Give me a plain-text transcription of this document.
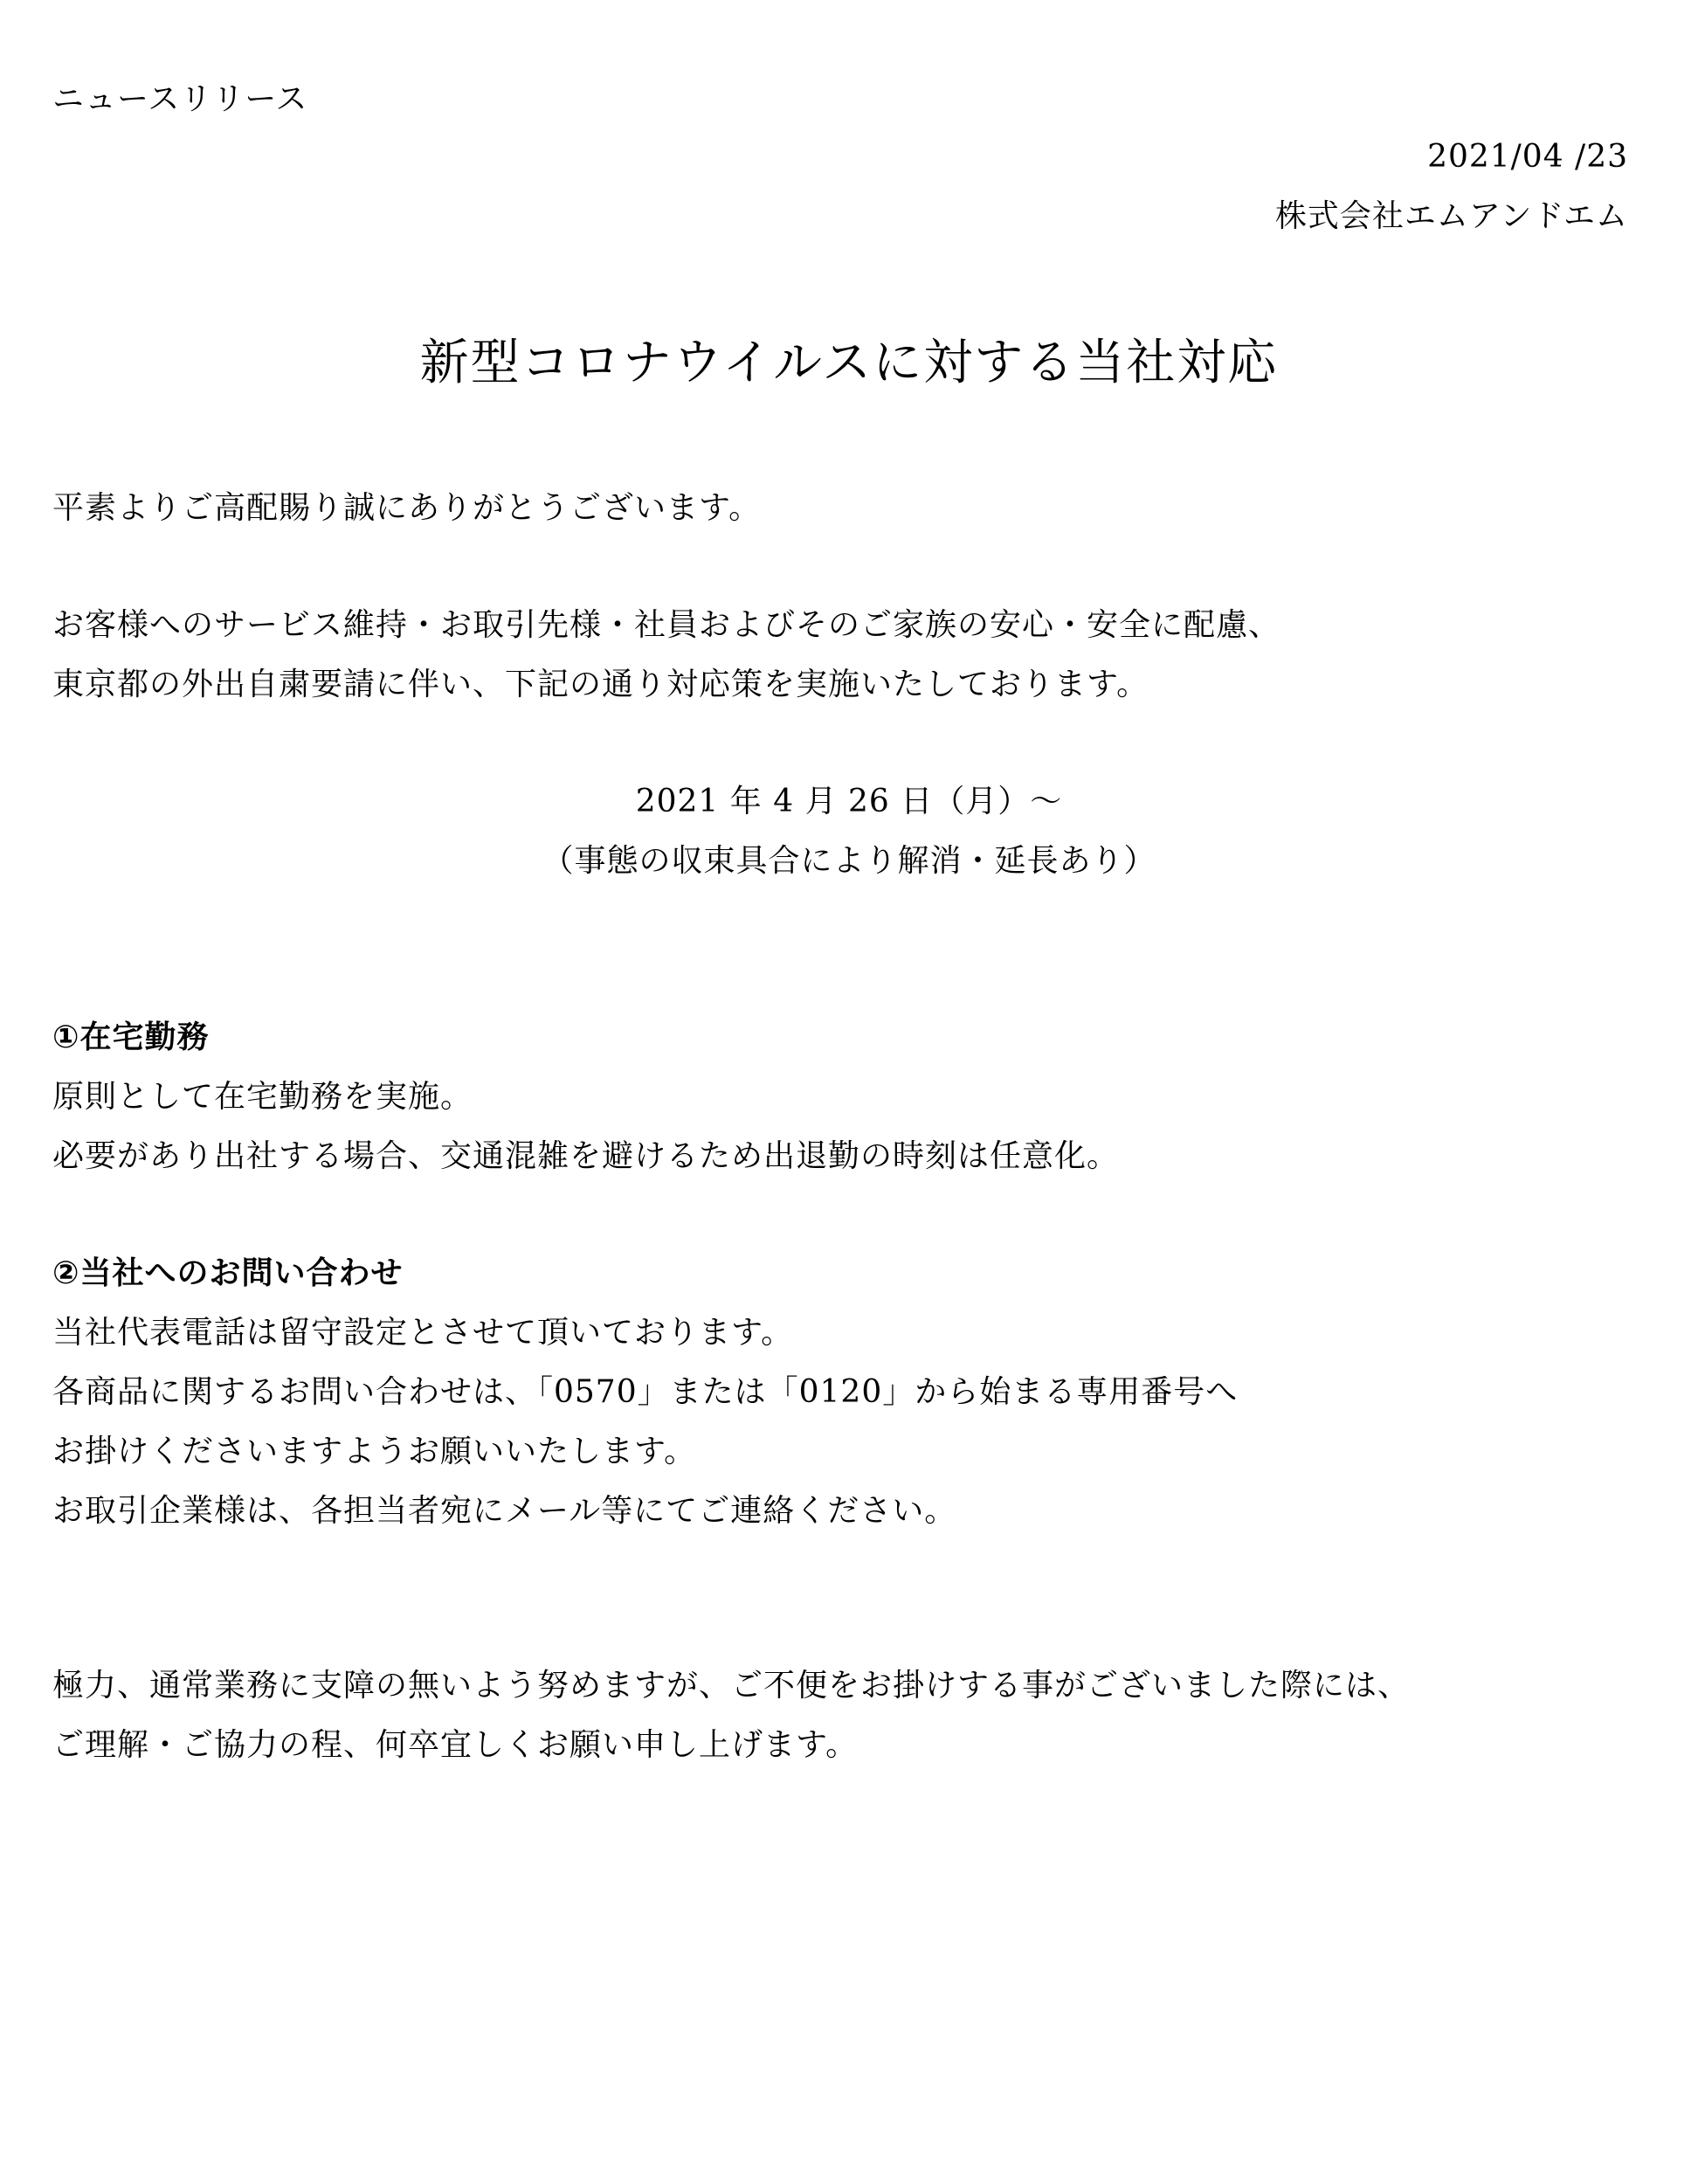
ニュースリリース
2021/04 /23
株式会社エムアンドエム
新型コロナウイルスに対する当社対応
平素よりご高配賜り誠にありがとうございます。
お客様へのサービス維持・お取引先様・社員およびそのご家族の安心・安全に配慮、
東京都の外出自粛要請に伴い、下記の通り対応策を実施いたしております。
2021 年 4 月 26 日（月）～
（事態の収束具合により解消・延長あり）
①在宅勤務
原則として在宅勤務を実施。
必要があり出社する場合、交通混雑を避けるため出退勤の時刻は任意化。
②当社へのお問い合わせ
当社代表電話は留守設定とさせて頂いております。
各商品に関するお問い合わせは、「0570」または「0120」から始まる専用番号へ
お掛けくださいますようお願いいたします。
お取引企業様は、各担当者宛にメール等にてご連絡ください。
極力、通常業務に支障の無いよう努めますが、ご不便をお掛けする事がございました際には、
ご理解・ご協力の程、何卒宜しくお願い申し上げます。
